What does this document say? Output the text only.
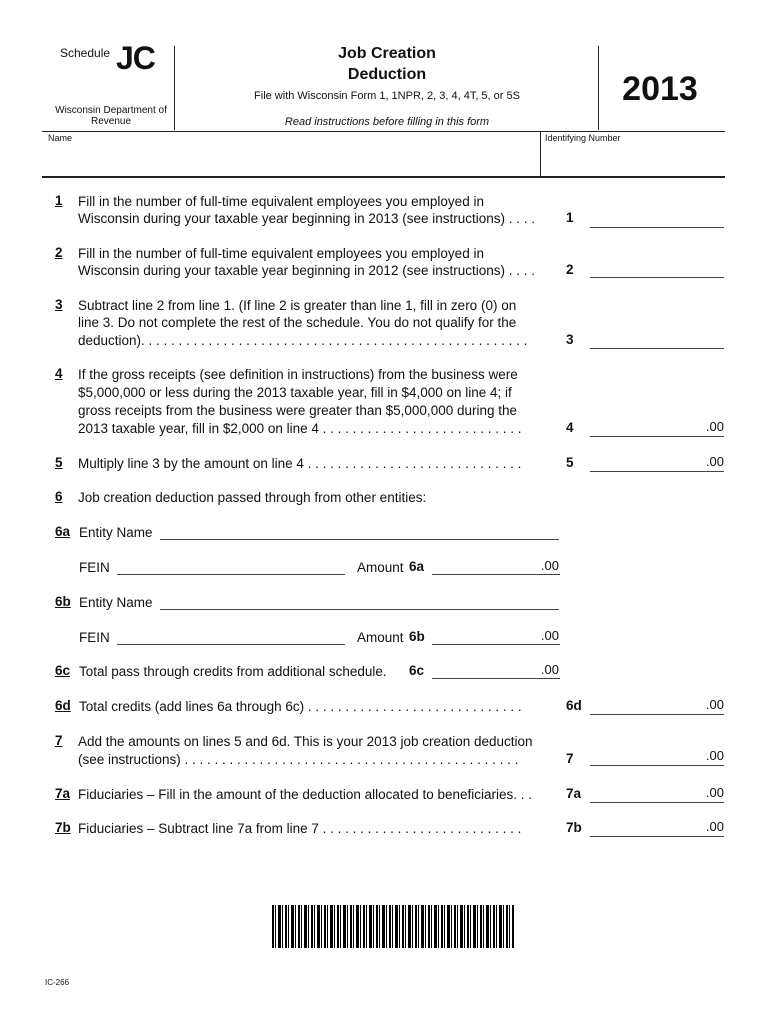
Schedule JC
Wisconsin Department of Revenue
Job Creation
Deduction
File with Wisconsin Form 1, 1NPR, 2, 3, 4, 4T, 5, or 5S
Read instructions before filling in this form
2013
Name	Identifying Number
1 Fill in the number of full-time equivalent employees you employed in
Wisconsin during your taxable year beginning in 2013 (see instructions) . . . . 1
2 Fill in the number of full-time equivalent employees you employed in
Wisconsin during your taxable year beginning in 2012 (see instructions) . . . . 2
3 Subtract line 2 from line 1. (If line 2 is greater than line 1, fill in zero (0) on
line 3. Do not complete the rest of the schedule. You do not qualify for the
deduction). . . . . . . . . . . . . . . . . . . . . . . . . . . . . . . . . . . . . . . . . . . . . . . . . . . .	3
4 If the gross receipts (see definition in instructions) from the business were
$5,000,000 or less during the 2013 taxable year, fill in $4,000 on line 4; if
gross receipts from the business were greater than $5,000,000 during the
2013 taxable year, fill in $2,000 on line 4 . . . . . . . . . . . . . . . . . . . . . . . . . . .	4	.00
5 Multiply line 3 by the amount on line 4 . . . . . . . . . . . . . . . . . . . . . . . . . . . . .	5	.00
6 Job creation deduction passed through from other entities:
6a Entity Name
FEIN	Amount 6a	.00
6b Entity Name
FEIN	Amount 6b	.00
6c Total pass through credits from additional schedule. 6c	.00
6d Total credits (add lines 6a through 6c) . . . . . . . . . . . . . . . . . . . . . . . . . . . . .	6d	.00
7 Add the amounts on lines 5 and 6d. This is your 2013 job creation deduction
(see instructions) . . . . . . . . . . . . . . . . . . . . . . . . . . . . . . . . . . . . . . . . . . . . .	7	.00
7a Fiduciaries – Fill in the amount of the deduction allocated to beneficiaries. . .	7a	.00
7b Fiduciaries – Subtract line 7a from line 7 . . . . . . . . . . . . . . . . . . . . . . . . . . .	7b	.00
IC-266
